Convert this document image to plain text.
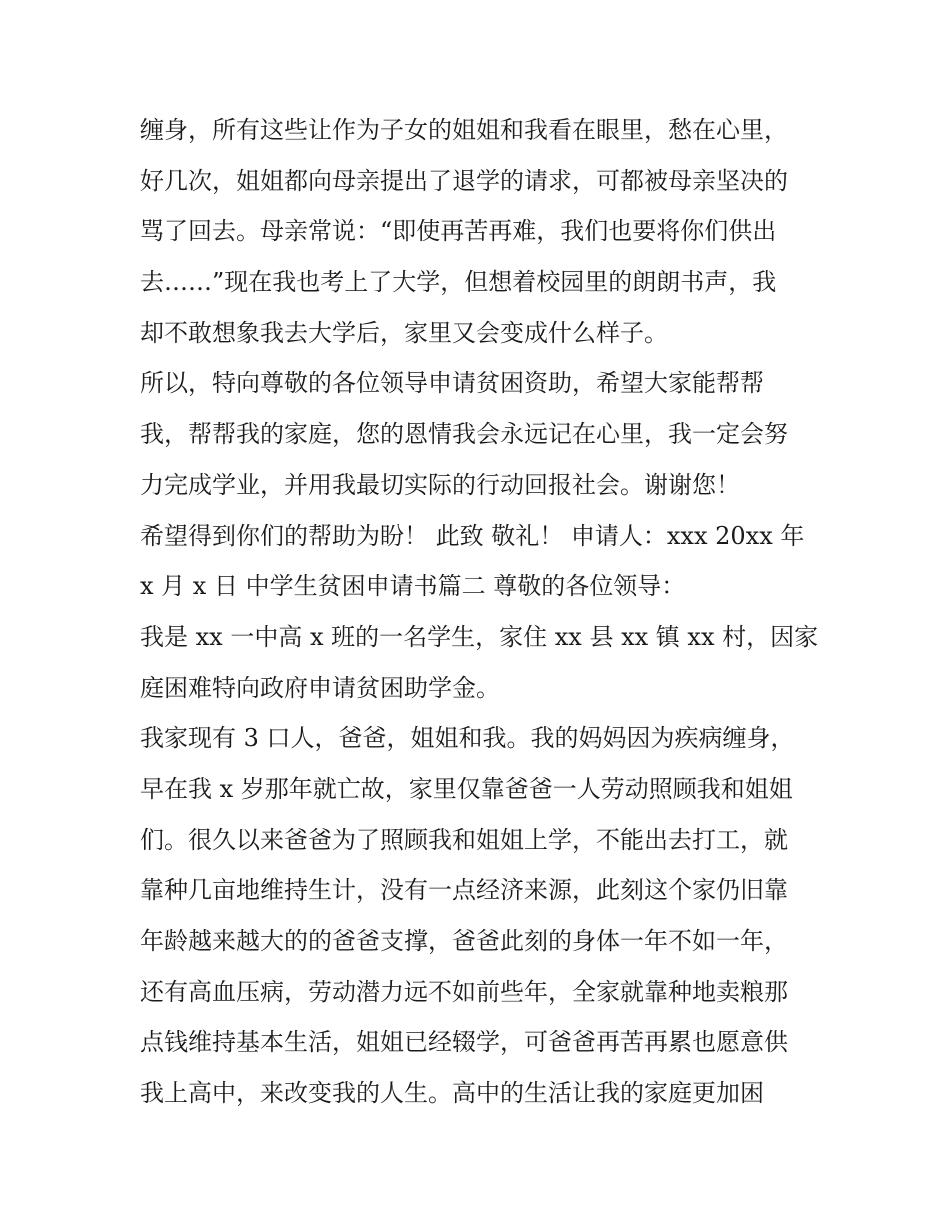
缠身，所有这些让作为子女的姐姐和我看在眼里，愁在心里，
好几次，姐姐都向母亲提出了退学的请求，可都被母亲坚决的
骂了回去。母亲常说：“即使再苦再难，我们也要将你们供出
去……”现在我也考上了大学，但想着校园里的朗朗书声，我
却不敢想象我去大学后，家里又会变成什么样子。
所以，特向尊敬的各位领导申请贫困资助，希望大家能帮帮
我，帮帮我的家庭，您的恩情我会永远记在心里，我一定会努
力完成学业，并用我最切实际的行动回报社会。谢谢您！
希望得到你们的帮助为盼！ 此致 敬礼！ 申请人：xxx 20xx 年
x 月 x 日 中学生贫困申请书篇二 尊敬的各位领导：
我是 xx 一中高 x 班的一名学生，家住 xx 县 xx 镇 xx 村，因家
庭困难特向政府申请贫困助学金。
我家现有 3 口人，爸爸，姐姐和我。我的妈妈因为疾病缠身，
早在我 x 岁那年就亡故，家里仅靠爸爸一人劳动照顾我和姐姐
们。很久以来爸爸为了照顾我和姐姐上学，不能出去打工，就
靠种几亩地维持生计，没有一点经济来源，此刻这个家仍旧靠
年龄越来越大的的爸爸支撑，爸爸此刻的身体一年不如一年，
还有高血压病，劳动潜力远不如前些年，全家就靠种地卖粮那
点钱维持基本生活，姐姐已经辍学，可爸爸再苦再累也愿意供
我上高中，来改变我的人生。高中的生活让我的家庭更加困
